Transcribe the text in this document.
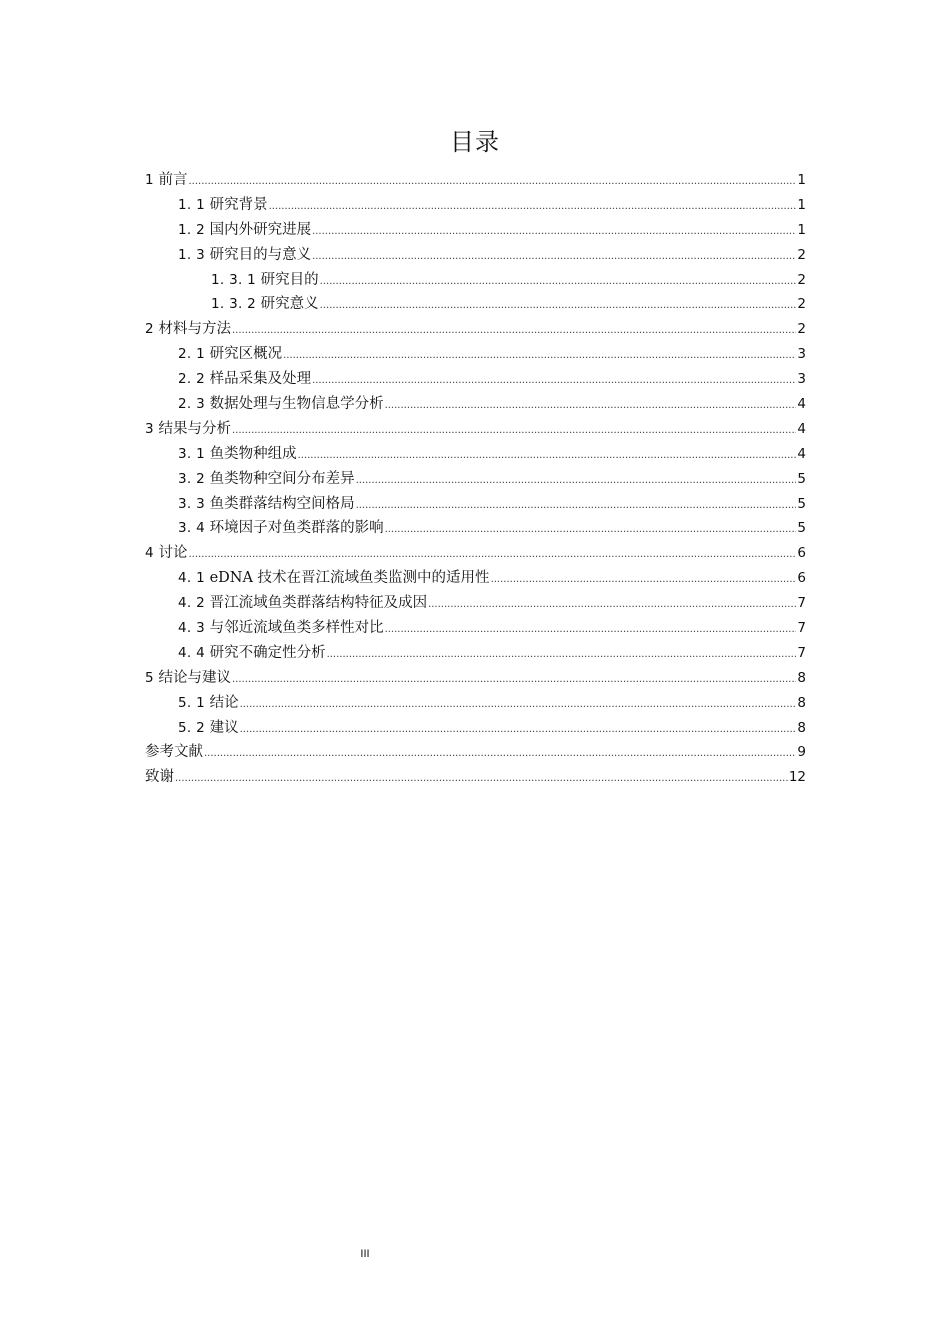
目录
1 前言 .....	1
1. 1 研究背景 .....	1
1. 2 国内外研究进展 .....	1
1. 3 研究目的与意义 .....	2
1. 3. 1 研究目的 .....	2
1. 3. 2 研究意义 .....	2
2 材料与方法 .....	2
2. 1 研究区概况 .....	3
2. 2 样品采集及处理 .....	3
2. 3 数据处理与生物信息学分析 .....	4
3 结果与分析 .....	4
3. 1 鱼类物种组成 .....	4
3. 2 鱼类物种空间分布差异 .....	5
3. 3 鱼类群落结构空间格局 .....	5
3. 4 环境因子对鱼类群落的影响 .....	5
4 讨论 .....	6
4. 1 eDNA 技术在晋江流域鱼类监测中的适用性 .....	6
4. 2 晋江流域鱼类群落结构特征及成因 .....	7
4. 3 与邻近流域鱼类多样性对比 .....	7
4. 4 研究不确定性分析 .....	7
5 结论与建议 .....	8
5. 1 结论 .....	8
5. 2 建议 .....	8
参考文献 .....	9
致谢 .....	12
III
